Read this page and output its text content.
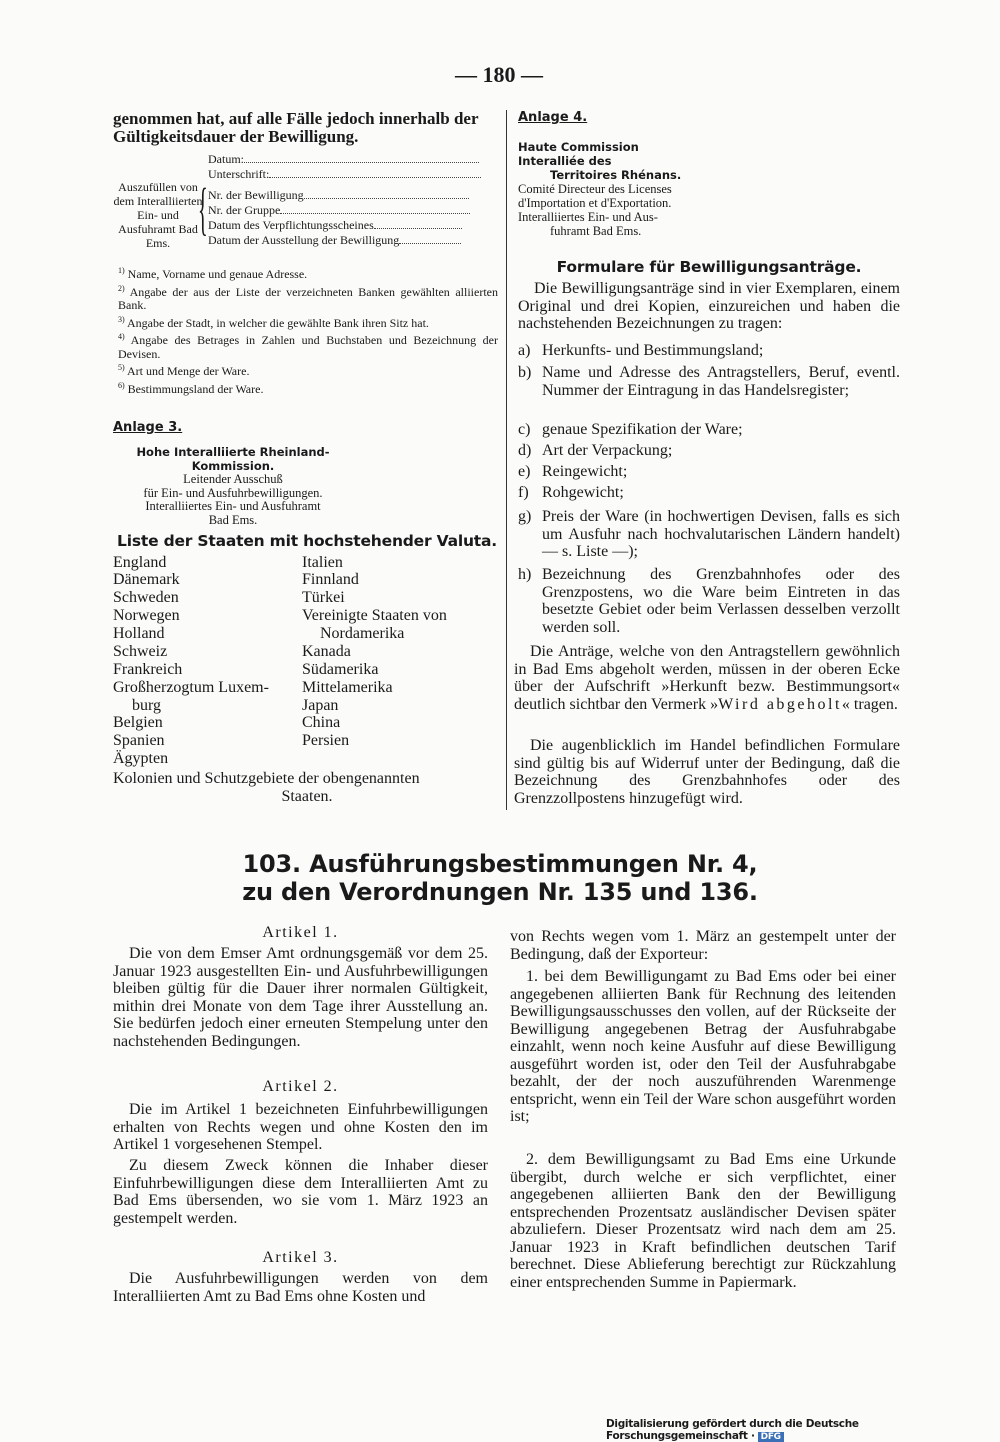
— 180 —
genommen hat, auf alle Fälle jedoch innerhalb der Gültigkeitsdauer der Bewilligung.
Datum:
Unterschrift:
Auszufüllen von dem Interalliierten Ein- und Ausfuhramt Bad Ems.
{ Nr. der Bewilligung
Nr. der Gruppe
Datum des Verpflichtungsscheines
Datum der Ausstellung der Bewilligung
$^{1)}$ Name, Vorname und genaue Adresse.
$^{2)}$ Angabe der aus der Liste der verzeichneten Banken gewählten alliierten Bank.
$^{3)}$ Angabe der Stadt, in welcher die gewählte Bank ihren Sitz hat.
$^{4)}$ Angabe des Betrages in Zahlen und Buchstaben und Bezeichnung der Devisen.
$^{5)}$ Art und Menge der Ware.
$^{6)}$ Bestimmungsland der Ware.
Anlage 3.
Hohe Interalliierte Rheinland-Kommission.
Leitender Ausschuß
für Ein- und Ausfuhrbewilligungen.
Interalliiertes Ein- und Ausfuhramt
Bad Ems.
Liste der Staaten mit hochstehender Valuta.
England
Dänemark
Schweden
Norwegen
Holland
Schweiz
Frankreich
Großherzogtum Luxem-
burg
Belgien
Spanien
Ägypten
Italien
Finnland
Türkei
Vereinigte Staaten von
Nordamerika
Kanada
Südamerika
Mittelamerika
Japan
China
Persien
Kolonien und Schutzgebiete der obengenannten
Staaten.
Anlage 4.
Haute Commission Interalliée des
Territoires Rhénans.
Comité Directeur des Licenses
d'Importation et d'Exportation.
Interalliiertes Ein- und Aus-
fuhramt Bad Ems.
Formulare für Bewilligungsanträge.
Die Bewilligungsanträge sind in vier Exemplaren, einem Original und drei Kopien, einzureichen und haben die nachstehenden Bezeichnungen zu tragen:
a) Herkunfts- und Bestimmungsland;
b) Name und Adresse des Antragstellers, Beruf, eventl. Nummer der Eintragung in das Handelsregister;
c) genaue Spezifikation der Ware;
d) Art der Verpackung;
e) Reingewicht;
f) Rohgewicht;
g) Preis der Ware (in hochwertigen Devisen, falls es sich um Ausfuhr nach hochvalutarischen Ländern handelt) — s. Liste —);
h) Bezeichnung des Grenzbahnhofes oder des Grenzpostens, wo die Ware beim Eintreten in das besetzte Gebiet oder beim Verlassen desselben verzollt werden soll.
Die Anträge, welche von den Antragstellern gewöhnlich in Bad Ems abgeholt werden, müssen in der oberen Ecke über der Aufschrift »Herkunft bezw. Bestimmungsort« deutlich sichtbar den Vermerk »Wird abgeholt« tragen.
Die augenblicklich im Handel befindlichen Formulare sind gültig bis auf Widerruf unter der Bedingung, daß die Bezeichnung des Grenzbahnhofes oder des Grenzzollpostens hinzugefügt wird.
103. Ausführungsbestimmungen Nr. 4,
zu den Verordnungen Nr. 135 und 136.
Artikel 1.
Die von dem Emser Amt ordnungsgemäß vor dem 25. Januar 1923 ausgestellten Ein- und Ausfuhrbewilligungen bleiben gültig für die Dauer ihrer normalen Gültigkeit, mithin drei Monate von dem Tage ihrer Ausstellung an. Sie bedürfen jedoch einer erneuten Stempelung unter den nachstehenden Bedingungen.
Artikel 2.
Die im Artikel 1 bezeichneten Einfuhrbewilligungen erhalten von Rechts wegen und ohne Kosten den im Artikel 1 vorgesehenen Stempel.
Zu diesem Zweck können die Inhaber dieser Einfuhrbewilligungen diese dem Interalliierten Amt zu Bad Ems übersenden, wo sie vom 1. März 1923 an gestempelt werden.
Artikel 3.
Die Ausfuhrbewilligungen werden von dem Interalliierten Amt zu Bad Ems ohne Kosten und
von Rechts wegen vom 1. März an gestempelt unter der Bedingung, daß der Exporteur:
1. bei dem Bewilligungamt zu Bad Ems oder bei einer angegebenen alliierten Bank für Rechnung des leitenden Bewilligungsausschusses den vollen, auf der Rückseite der Bewilligung angegebenen Betrag der Ausfuhrabgabe einzahlt, wenn noch keine Ausfuhr auf diese Bewilligung ausgeführt worden ist, oder den Teil der Ausfuhrabgabe bezahlt, der der noch auszuführenden Warenmenge entspricht, wenn ein Teil der Ware schon ausgeführt worden ist;
2. dem Bewilligungsamt zu Bad Ems eine Urkunde übergibt, durch welche er sich verpflichtet, einer angegebenen alliierten Bank den der Bewilligung entsprechenden Prozentsatz ausländischer Devisen später abzuliefern. Dieser Prozentsatz wird nach dem am 25. Januar 1923 in Kraft befindlichen deutschen Tarif berechnet. Diese Ablieferung berechtigt zur Rückzahlung einer entsprechenden Summe in Papiermark.
Digitalisierung gefördert durch die Deutsche Forschungsgemeinschaft · DFG
